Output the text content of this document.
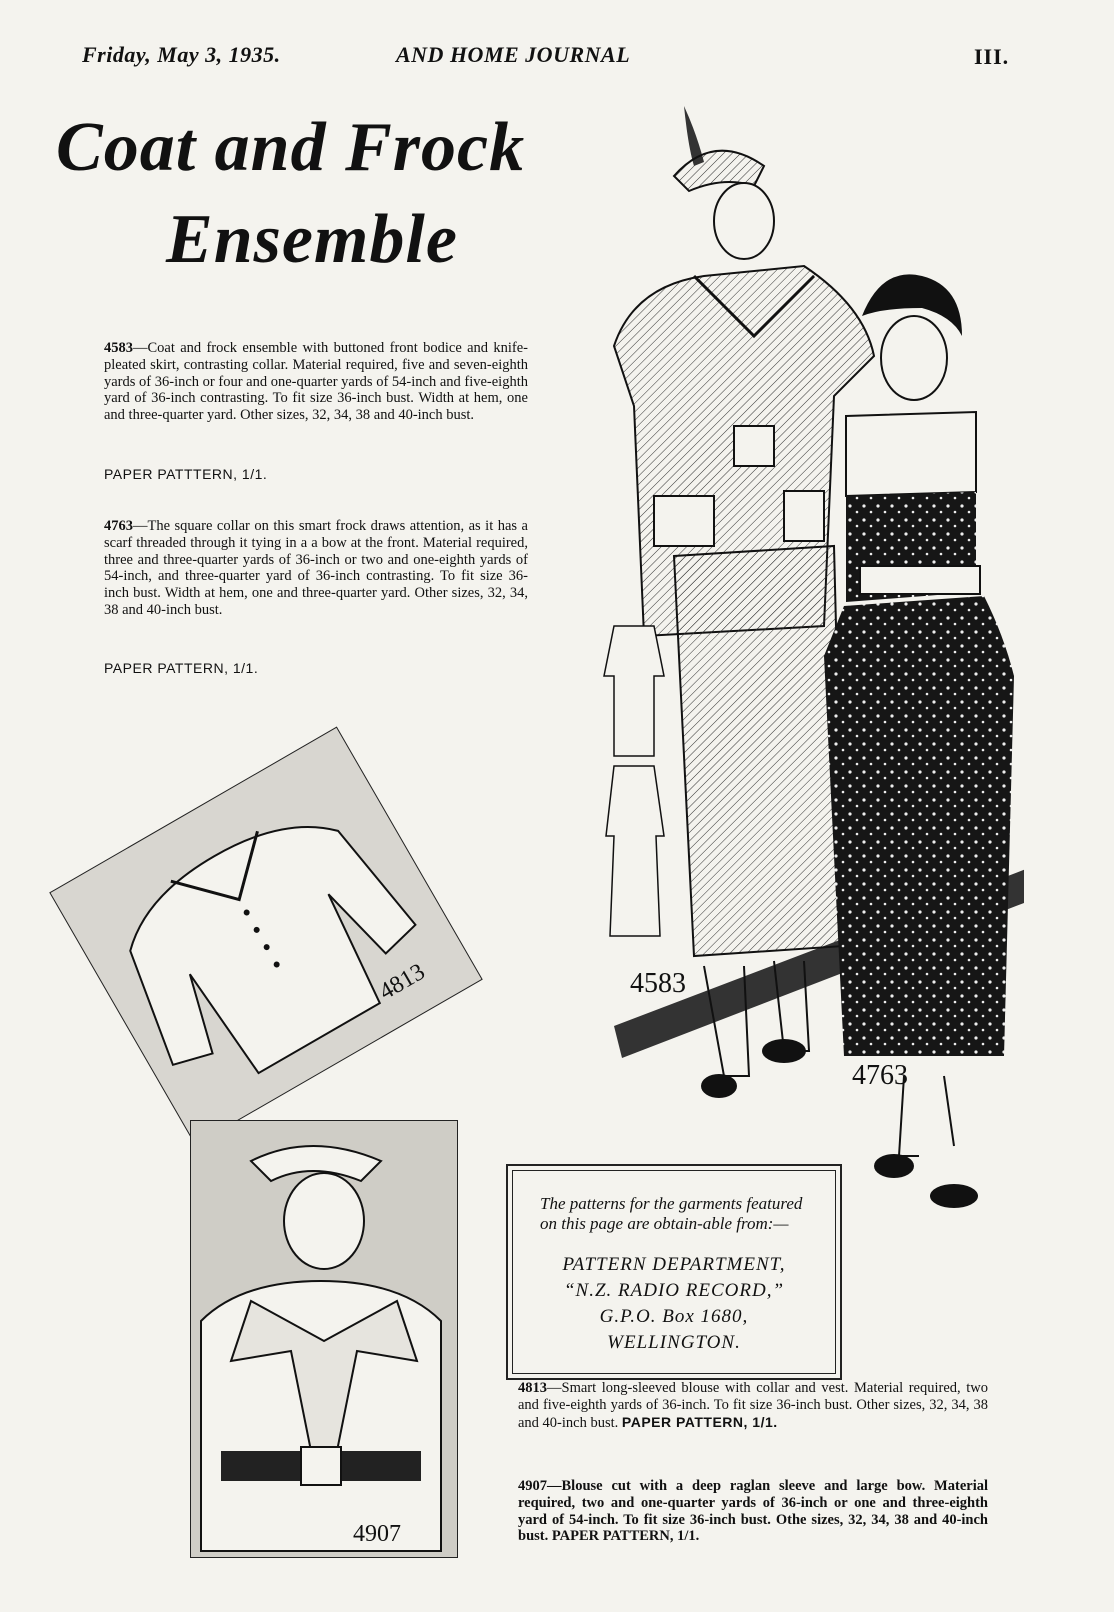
Friday, May 3, 1935.	AND HOME JOURNAL	III.
Coat and Frock
Ensemble
4583—Coat and frock ensemble with buttoned front bodice and knife-pleated skirt, contrasting collar. Material required, five and seven-eighth yards of 36-inch or four and one-quarter yards of 54-inch and five-eighth yard of 36-inch contrasting. To fit size 36-inch bust. Width at hem, one and three-quarter yard. Other sizes, 32, 34, 38 and 40-inch bust.
PAPER PATTTERN, 1/1.
4763—The square collar on this smart frock draws attention, as it has a scarf threaded through it tying in a a bow at the front. Material required, three and three-quarter yards of 36-inch or two and one-eighth yards of 54-inch, and three-quarter yard of 36-inch contrasting. To fit size 36-inch bust. Width at hem, one and three-quarter yard. Other sizes, 32, 34, 38 and 40-inch bust.
PAPER PATTERN, 1/1.
4583
4763
4813
4907

The patterns for the garments featured on this page are obtain-able from:—

PATTERN DEPARTMENT,

“N.Z. RADIO RECORD,”

G.P.O. Box 1680,

WELLINGTON.

4813—Smart long-sleeved blouse with collar and vest. Material required, two and five-eighth yards of 36-inch. To fit size 36-inch bust. Other sizes, 32, 34, 38 and 40-inch bust. PAPER PATTERN, 1/1.
4907—Blouse cut with a deep raglan sleeve and large bow. Material required, two and one-quarter yards of 36-inch or one and three-eighth yard of 54-inch. To fit size 36-inch bust. Othe sizes, 32, 34, 38 and 40-inch bust. PAPER PATTERN, 1/1.
